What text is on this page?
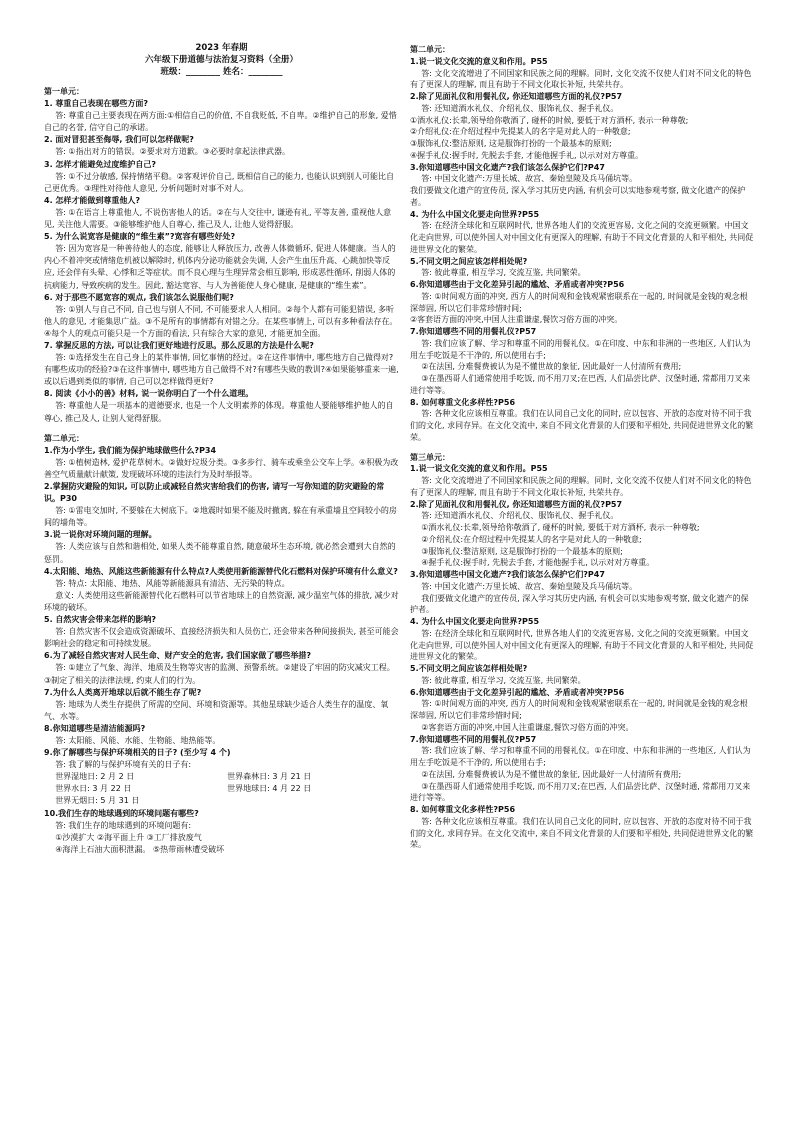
2023 年春期
六年级下册道德与法治复习资料（全册）
班级：________ 姓名：________
第一单元：
1. 尊重自己表现在哪些方面?
答: 尊重自己主要表现在两方面:①相信自己的价值, 不自我贬低, 不自卑。②维护自己的形象, 爱惜自己的名誉, 信守自己的承诺。
2. 面对冒犯甚至侮辱, 我们可以怎样做呢?
答: ①指出对方的错误。②要求对方道歉。③必要时拿起法律武器。
3. 怎样才能避免过度维护自己?
答: ①不过分敏感, 保持情绪平稳。②客观评价自己, 既相信自己的能力, 也能认识到别人可能比自己更优秀。③理性对待他人意见, 分析问题时对事不对人。
4. 怎样才能做到尊重他人?
答: ①在语言上尊重他人, 不说伤害他人的话。②在与人交往中, 谦逊有礼, 平等友善, 重视他人意见, 关注他人需要。③能够维护他人自尊心, 推己及人, 让他人觉得舒服。
5. 为什么说宽容是健康的“维生素”?宽容有哪些好处?
答: 因为宽容是一种善待他人的态度, 能够让人释放压力, 改善人体微循环, 促进人体健康。当人的内心不着冲突或情绪危机被以解除时, 机体内分泌功能就会失调, 人会产生血压升高、心跳加快等反应, 还会伴有头晕、心悸和乏等症状。而不良心理与生理异常会相互影响, 形成恶性循环, 削弱人体的抗病能力, 导致疾病的发生。因此, 豁达宽容、与人为善能使人身心健康, 是健康的“维生素”。
6. 对于那些不愿宽容的观点, 我们该怎么说服他们呢?
答: ①别人与自己不同, 自己也与别人不同, 不可能要求人人相同。②每个人都有可能犯错误, 多听他人的意见, 才能集思广益。③不是所有的事情都有对错之分。在某些事情上, 可以有多种看法存在。④每个人的观点可能只是一个方面的看法, 只有综合大家的意见, 才能更加全面。
7. 掌握反思的方法, 可以让我们更好地进行反思。那么反思的方法是什么呢?
答: ①选择发生在自己身上的某件事情, 回忆事情的经过。②在这件事情中, 哪些地方自己做得对?有哪些成功的经验?③在这件事情中, 哪些地方自己做得不对?有哪些失败的教训?④如果能够重来一遍, 或以后遇到类似的事情, 自己可以怎样做得更好?
8. 阅读《小小的善》材料, 说一说你明白了一个什么道理。
答: 尊重他人是一项基本的道德要求, 也是一个人文明素养的体现。尊重他人要能够维护他人的自尊心, 推己及人, 让别人觉得舒服。
第二单元：
1.作为小学生, 我们能为保护地球做些什么?P34
答: ①植树造林, 爱护花草树木。②做好垃圾分类。③多步行、骑车或乘坐公交车上学。④积极为改善空气质量献计献策, 发现破坏环境的违法行为及时举报等。
2.掌握防灾避险的知识, 可以防止或减轻自然灾害给我们的伤害, 请写一写你知道的防灾避险的常识。P30
答: ①雷电交加时, 不要躲在大树底下。②地震时如果不能及时撤离, 躲在有承重墙且空间较小的房间的墙角等。
3.说一说你对环境问题的理解。
答: 人类应该与自然和谐相处, 如果人类不能尊重自然, 随意破坏生态环境, 就必然会遭到大自然的惩罚。
4.太阳能、地热、风能这些新能源有什么特点?人类使用新能源替代化石燃料对保护环境有什么意义?
答: 特点: 太阳能、地热、风能等新能源具有清洁、无污染的特点。
意义: 人类使用这些新能源替代化石燃料可以节省地球上的自然资源, 减少温室气体的排放, 减少对环境的破坏。
5. 自然灾害会带来怎样的影响?
答: 自然灾害不仅会造成资源破坏、直接经济损失和人员伤亡, 还会带来各种间接损失, 甚至可能会影响社会的稳定和可持续发展。
6.为了减轻自然灾害对人民生命、财产安全的危害, 我们国家做了哪些举措?
答: ①建立了气象、海洋、地质及生物等灾害的监测、预警系统。②建设了牢固的防灾减灾工程。③制定了相关的法律法规, 约束人们的行为。
7.为什么人类离开地球以后就不能生存了呢?
答: 地球为人类生存提供了所需的空间、环境和资源等。其他星球缺少适合人类生存的温度、氧气、水等。
8.你知道哪些是清洁能源吗?
答: 太阳能、风能、水能、生物能、地热能等。
9.你了解哪些与保护环境相关的日子? (至少写 4 个)
答: 我了解的与保护环境有关的日子有:
世界湿地日: 2 月 2 日	世界森林日: 3 月 21 日
世界水日: 3 月 22 日	世界地球日: 4 月 22 日
世界无烟日: 5 月 31 日
10.我们生存的地球遇到的环境问题有哪些?
答: 我们生存的地球遇到的环境问题有:
①沙漠扩大 ②海平面上升 ③工厂排放废气
④海洋上石油大面积泄漏。 ⑤热带雨林遭受破坏
第二单元：
1.说一说文化交流的意义和作用。P55
答: 文化交流增进了不同国家和民族之间的理解。同时, 文化交流不仅使人们对不同文化的特色有了更深人的理解, 而且有助于不同文化取长补短, 共荣共存。
2.除了见面礼仪和用餐礼仪, 你还知道哪些方面的礼仪?P57
答: 还知道酒水礼仪、介绍礼仪、服饰礼仪、握手礼仪。
①酒水礼仪:长辈,领导给你敬酒了, 碰杯的时候, 要低于对方酒杯, 表示一种尊敬;
②介绍礼仪:在介绍过程中先提某人的名字是对此人的一种敬意;
③服饰礼仪:整洁原则, 这是服饰打扮的一个最基本的原则;
④握手礼仪:握手时, 先脱去手套, 才能他握手礼, 以示对对方尊重。
3.你知道哪些中国文化遗产?我们该怎么保护它们?P47
答: 中国文化遗产:万里长城、故宫、秦始皇陵及兵马俑坑等。
我们要做文化遗产的宣传员, 深入学习其历史内涵, 有机会可以实地参观考察, 做文化遗产的保护者。
4. 为什么中国文化要走向世界?P55
答: 在经济全球化和互联网时代, 世界各地人们的交流更容易, 文化之间的交流更频繁。中国文化走向世界, 可以使外国人对中国文化有更深入的理解, 有助于不同文化背景的人和平相处, 共同促进世界文化的繁荣。
5.不同文明之间应该怎样相处呢?
答: 彼此尊重, 相互学习, 交流互鉴, 共同繁荣。
6.你知道哪些由于文化差异引起的尴尬、矛盾或者冲突?P56
答: ①时间观方面的冲突, 西方人的时间观和金钱观紧密联系在一起的, 时间就是金钱的观念根深蒂固, 所以它们非常珍惜时间;
②客套语方面的冲突,中国人注重谦虚,餐饮习俗方面的冲突。
7.你知道哪些不同的用餐礼仪?P57
答: 我们应该了解、学习和尊重不同的用餐礼仪。①在印度、中东和非洲的一些地区, 人们认为用左手吃饭是不干净的, 所以使用右手;
②在法国, 分难餐费被认为是不懂世故的象征, 因此最好一人付清所有费用;
③在墨西哥人们通常使用手吃饭, 而不用刀叉;在巴西, 人们品尝比萨、汉堡时通, 常都用刀叉来进行等等。
8. 如何尊重文化多样性?P56
答: 各种文化应该相互尊重。我们在认同自己文化的同时, 应以包容、开放的态度对待不同于我们的文化, 求同存异。在文化交流中, 来自不同文化背景的人们要和平相处, 共同促进世界文化的繁荣。
第三单元：
1.说一说文化交流的意义和作用。P55
答: 文化交流增进了不同国家和民族之间的理解。同时, 文化交流不仅使人们对不同文化的特色有了更深人的理解, 而且有助于不同文化取长补短, 共荣共存。
2.除了见面礼仪和用餐礼仪, 你还知道哪些方面的礼仪?P57
答: 还知道酒水礼仪、介绍礼仪、服饰礼仪、握手礼仪。
①酒水礼仪:长辈,领导给你敬酒了, 碰杯的时候, 要低于对方酒杯, 表示一种尊敬;
②介绍礼仪:在介绍过程中先提某人的名字是对此人的一种敬意;
③服饰礼仪:整洁原则, 这是服饰打扮的一个最基本的原则;
④握手礼仪:握手时, 先脱去手套, 才能他握手礼, 以示对对方尊重。
3.你知道哪些中国文化遗产?我们该怎么保护它们?P47
答: 中国文化遗产:万里长城、故宫、秦始皇陵及兵马俑坑等。
我们要做文化遗产的宣传员, 深入学习其历史内涵, 有机会可以实地参观考察, 做文化遗产的保护者。
4. 为什么中国文化要走向世界?P55
答: 在经济全球化和互联网时代, 世界各地人们的交流更容易, 文化之间的交流更频繁。中国文化走向世界, 可以使外国人对中国文化有更深入的理解, 有助于不同文化背景的人和平相处, 共同促进世界文化的繁荣。
5.不同文明之间应该怎样相处呢?
答: 彼此尊重, 相互学习, 交流互鉴, 共同繁荣。
6.你知道哪些由于文化差异引起的尴尬、矛盾或者冲突?P56
答: ①时间观方面的冲突, 西方人的时间观和金钱观紧密联系在一起的, 时间就是金钱的观念根深蒂固, 所以它们非常珍惜时间;
②客套语方面的冲突,中国人注重谦虚,餐饮习俗方面的冲突。
7.你知道哪些不同的用餐礼仪?P57
答: 我们应该了解、学习和尊重不同的用餐礼仪。①在印度、中东和非洲的一些地区, 人们认为用左手吃饭是不干净的, 所以使用右手;
②在法国, 分难餐费被认为是不懂世故的象征, 因此最好一人付清所有费用;
③在墨西哥人们通常使用手吃饭, 而不用刀叉;在巴西, 人们品尝比萨、汉堡时通, 常都用刀叉来进行等等。
8. 如何尊重文化多样性?P56
答: 各种文化应该相互尊重。我们在认同自己文化的同时, 应以包容、开放的态度对待不同于我们的文化, 求同存异。在文化交流中, 来自不同文化背景的人们要和平相处, 共同促进世界文化的繁荣。
